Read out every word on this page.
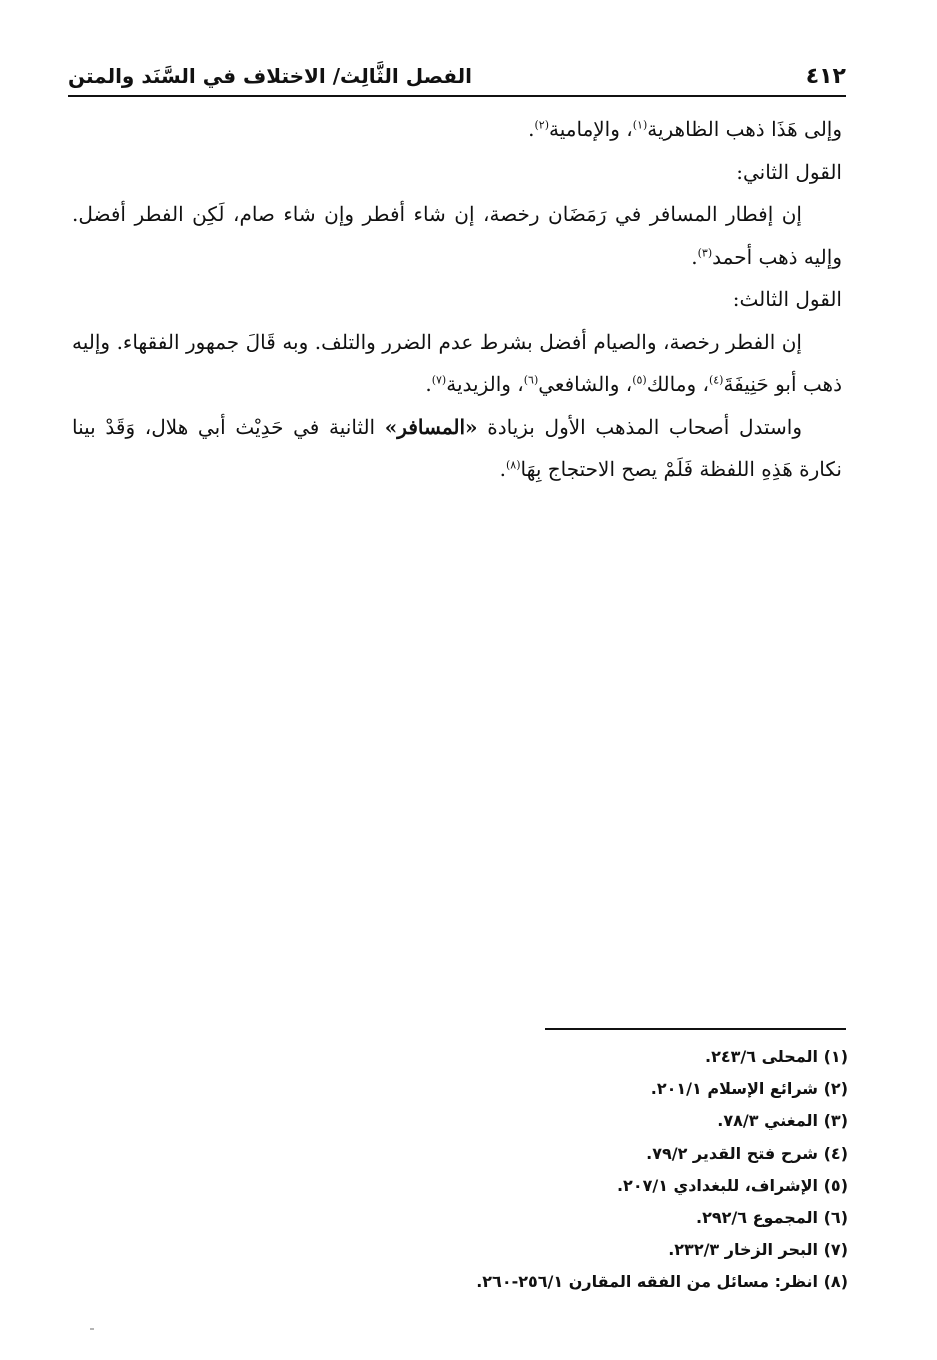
٤١٢
الفصل الثَّالِث/ الاختلاف في السَّنَد والمتن

وإلى هَذَا ذهب الظاهرية$^{(١)}$، والإمامية$^{(٢)}$.

القول الثاني:

إن إفطار المسافر في رَمَضَان رخصة، إن شاء أفطر وإن شاء صام، لَكِن الفطر أفضل. وإليه ذهب أحمد$^{(٣)}$.

القول الثالث:

إن الفطر رخصة، والصيام أفضل بشرط عدم الضرر والتلف. وبه قَالَ جمهور الفقهاء. وإليه ذهب أبو حَنِيفَةَ$^{(٤)}$، ومالك$^{(٥)}$، والشافعي$^{(٦)}$، والزيدية$^{(٧)}$.

واستدل أصحاب المذهب الأول بزيادة «المسافر» الثانية في حَدِيْث أبي هلال، وَقَدْ بينا نكارة هَذِهِ اللفظة فَلَمْ يصح الاحتجاج بِهَا$^{(٨)}$.

(١) المحلى ٢٤٣/٦.

(٢) شرائع الإسلام ٢٠١/١.

(٣) المغني ٧٨/٣.

(٤) شرح فتح القدير ٧٩/٢.

(٥) الإشراف، للبغدادي ٢٠٧/١.

(٦) المجموع ٢٩٢/٦.

(٧) البحر الزخار ٢٣٢/٣.

(٨) انظر: مسائل من الفقه المقارن ٢٥٦/١-٢٦٠.
